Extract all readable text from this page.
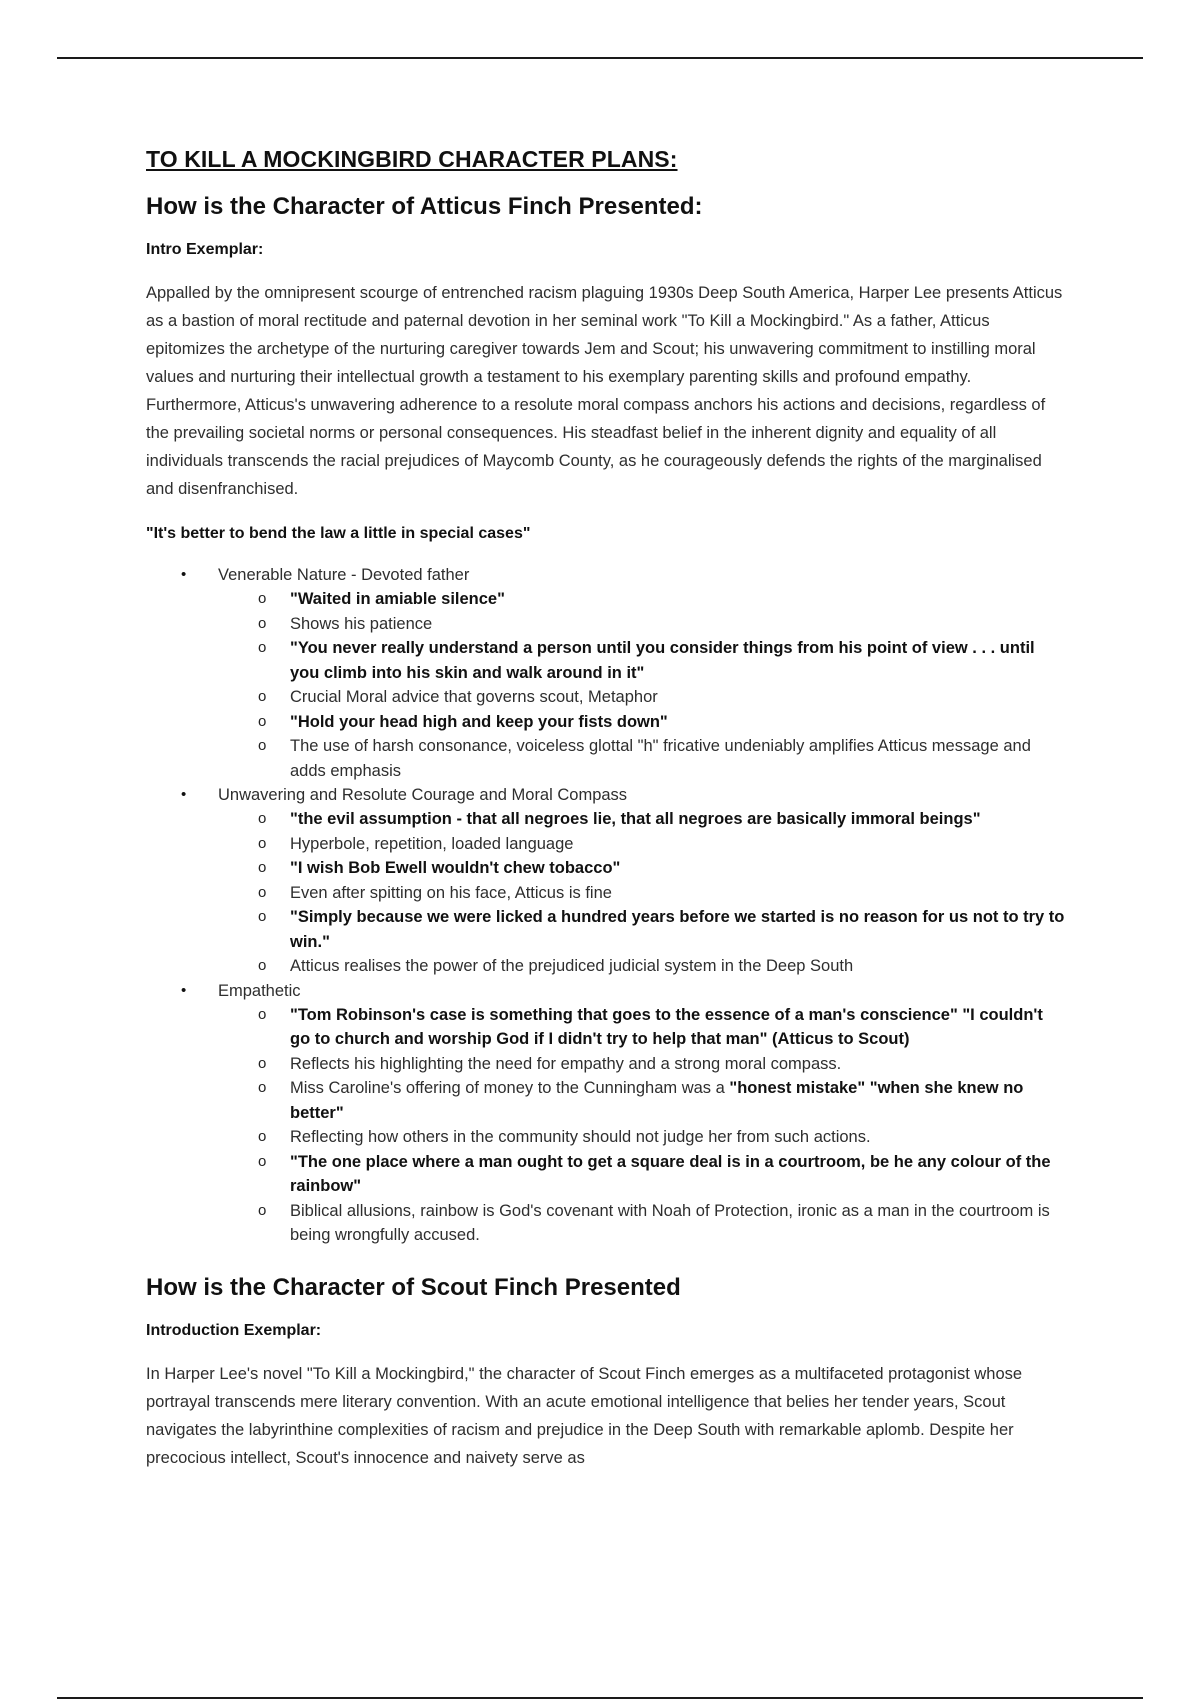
TO KILL A MOCKINGBIRD CHARACTER PLANS:
How is the Character of Atticus Finch Presented:
Intro Exemplar:
Appalled by the omnipresent scourge of entrenched racism plaguing 1930s Deep South America, Harper Lee presents Atticus as a bastion of moral rectitude and paternal devotion in her seminal work "To Kill a Mockingbird." As a father, Atticus epitomizes the archetype of the nurturing caregiver towards Jem and Scout; his unwavering commitment to instilling moral values and nurturing their intellectual growth a testament to his exemplary parenting skills and profound empathy. Furthermore, Atticus's unwavering adherence to a resolute moral compass anchors his actions and decisions, regardless of the prevailing societal norms or personal consequences. His steadfast belief in the inherent dignity and equality of all individuals transcends the racial prejudices of Maycomb County, as he courageously defends the rights of the marginalised and disenfranchised.
"It's better to bend the law a little in special cases"
• Venerable Nature - Devoted father
o "Waited in amiable silence"
o Shows his patience
o "You never really understand a person until you consider things from his point of view . . . until you climb into his skin and walk around in it"
o Crucial Moral advice that governs scout, Metaphor
o "Hold your head high and keep your fists down"
o The use of harsh consonance, voiceless glottal "h" fricative undeniably amplifies Atticus message and adds emphasis
• Unwavering and Resolute Courage and Moral Compass
o "the evil assumption - that all negroes lie, that all negroes are basically immoral beings"
o Hyperbole, repetition, loaded language
o "I wish Bob Ewell wouldn't chew tobacco"
o Even after spitting on his face, Atticus is fine
o "Simply because we were licked a hundred years before we started is no reason for us not to try to win."
o Atticus realises the power of the prejudiced judicial system in the Deep South
• Empathetic
o "Tom Robinson's case is something that goes to the essence of a man's conscience" "I couldn't go to church and worship God if I didn't try to help that man" (Atticus to Scout)
o Reflects his highlighting the need for empathy and a strong moral compass.
o Miss Caroline's offering of money to the Cunningham was a "honest mistake" "when she knew no better"
o Reflecting how others in the community should not judge her from such actions.
o "The one place where a man ought to get a square deal is in a courtroom, be he any colour of the rainbow"
o Biblical allusions, rainbow is God's covenant with Noah of Protection, ironic as a man in the courtroom is being wrongfully accused.
How is the Character of Scout Finch Presented
Introduction Exemplar:
In Harper Lee's novel "To Kill a Mockingbird," the character of Scout Finch emerges as a multifaceted protagonist whose portrayal transcends mere literary convention. With an acute emotional intelligence that belies her tender years, Scout navigates the labyrinthine complexities of racism and prejudice in the Deep South with remarkable aplomb. Despite her precocious intellect, Scout's innocence and naivety serve as
